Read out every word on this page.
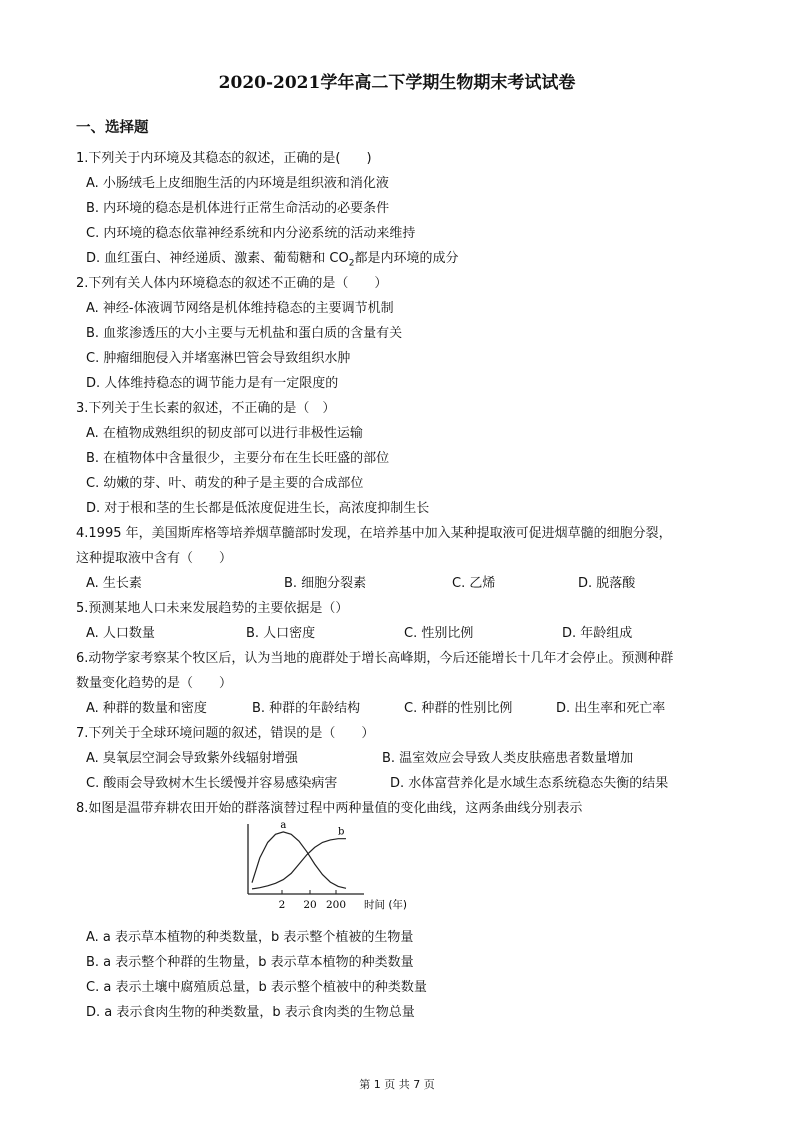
2020-2021学年高二下学期生物期末考试试卷
一、选择题
1.下列关于内环境及其稳态的叙述，正确的是(　　)
A. 小肠绒毛上皮细胞生活的内环境是组织液和消化液
B. 内环境的稳态是机体进行正常生命活动的必要条件
C. 内环境的稳态依靠神经系统和内分泌系统的活动来维持
D. 血红蛋白、神经递质、激素、葡萄糖和 $CO_2$都是内环境的成分
2.下列有关人体内环境稳态的叙述不正确的是（　　）
A. 神经-体液调节网络是机体维持稳态的主要调节机制
B. 血浆渗透压的大小主要与无机盐和蛋白质的含量有关
C. 肿瘤细胞侵入并堵塞淋巴管会导致组织水肿
D. 人体维持稳态的调节能力是有一定限度的
3.下列关于生长素的叙述，不正确的是（　）
A. 在植物成熟组织的韧皮部可以进行非极性运输
B. 在植物体中含量很少，主要分布在生长旺盛的部位
C. 幼嫩的芽、叶、萌发的种子是主要的合成部位
D. 对于根和茎的生长都是低浓度促进生长，高浓度抑制生长
4.1995 年，美国斯库格等培养烟草髓部时发现，在培养基中加入某种提取液可促进烟草髓的细胞分裂，
这种提取液中含有（　　）
A. 生长素	B. 细胞分裂素	C. 乙烯	D. 脱落酸
5.预测某地人口未来发展趋势的主要依据是（）
A. 人口数量	B. 人口密度	C. 性别比例	D. 年龄组成
6.动物学家考察某个牧区后，认为当地的鹿群处于增长高峰期，今后还能增长十几年才会停止。预测种群
数量变化趋势的是（　　）
A. 种群的数量和密度	B. 种群的年龄结构	C. 种群的性别比例	D. 出生率和死亡率
7.下列关于全球环境问题的叙述，错误的是（　　）
A. 臭氧层空洞会导致紫外线辐射增强	B. 温室效应会导致人类皮肤癌患者数量增加
C. 酸雨会导致树木生长缓慢并容易感染病害	D. 水体富营养化是水域生态系统稳态失衡的结果
8.如图是温带弃耕农田开始的群落演替过程中两种量值的变化曲线，这两条曲线分别表示
a
b
2 20 200 时间 (年)
A. a 表示草本植物的种类数量，b 表示整个植被的生物量
B. a 表示整个种群的生物量，b 表示草本植物的种类数量
C. a 表示土壤中腐殖质总量，b 表示整个植被中的种类数量
D. a 表示食肉生物的种类数量，b 表示食肉类的生物总量
第 1 页 共 7 页
